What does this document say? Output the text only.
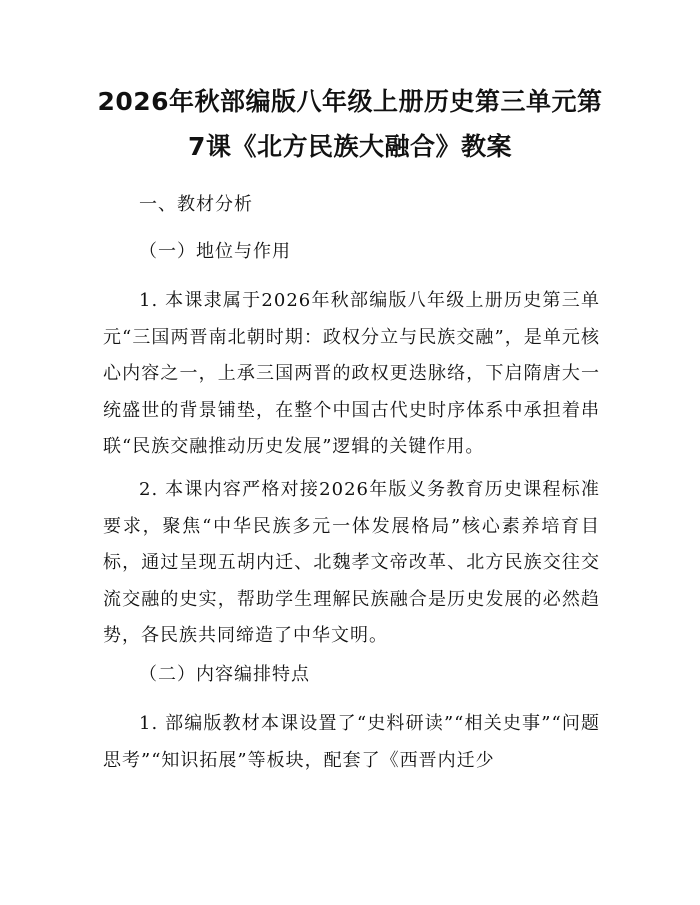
2026年秋部编版八年级上册历史第三单元第
7课《北方民族大融合》教案

一、教材分析

（一）地位与作用

1. 本课隶属于2026年秋部编版八年级上册历史第三单元“三国两晋南北朝时期：政权分立与民族交融”，是单元核心内容之一，上承三国两晋的政权更迭脉络，下启隋唐大一统盛世的背景铺垫，在整个中国古代史时序体系中承担着串联“民族交融推动历史发展”逻辑的关键作用。

2. 本课内容严格对接2026年版义务教育历史课程标准要求，聚焦“中华民族多元一体发展格局”核心素养培育目标，通过呈现五胡内迁、北魏孝文帝改革、北方民族交往交流交融的史实，帮助学生理解民族融合是历史发展的必然趋势，各民族共同缔造了中华文明。

（二）内容编排特点

1. 部编版教材本课设置了“史料研读”“相关史事”“问题思考”“知识拓展”等板块，配套了《西晋内迁少
